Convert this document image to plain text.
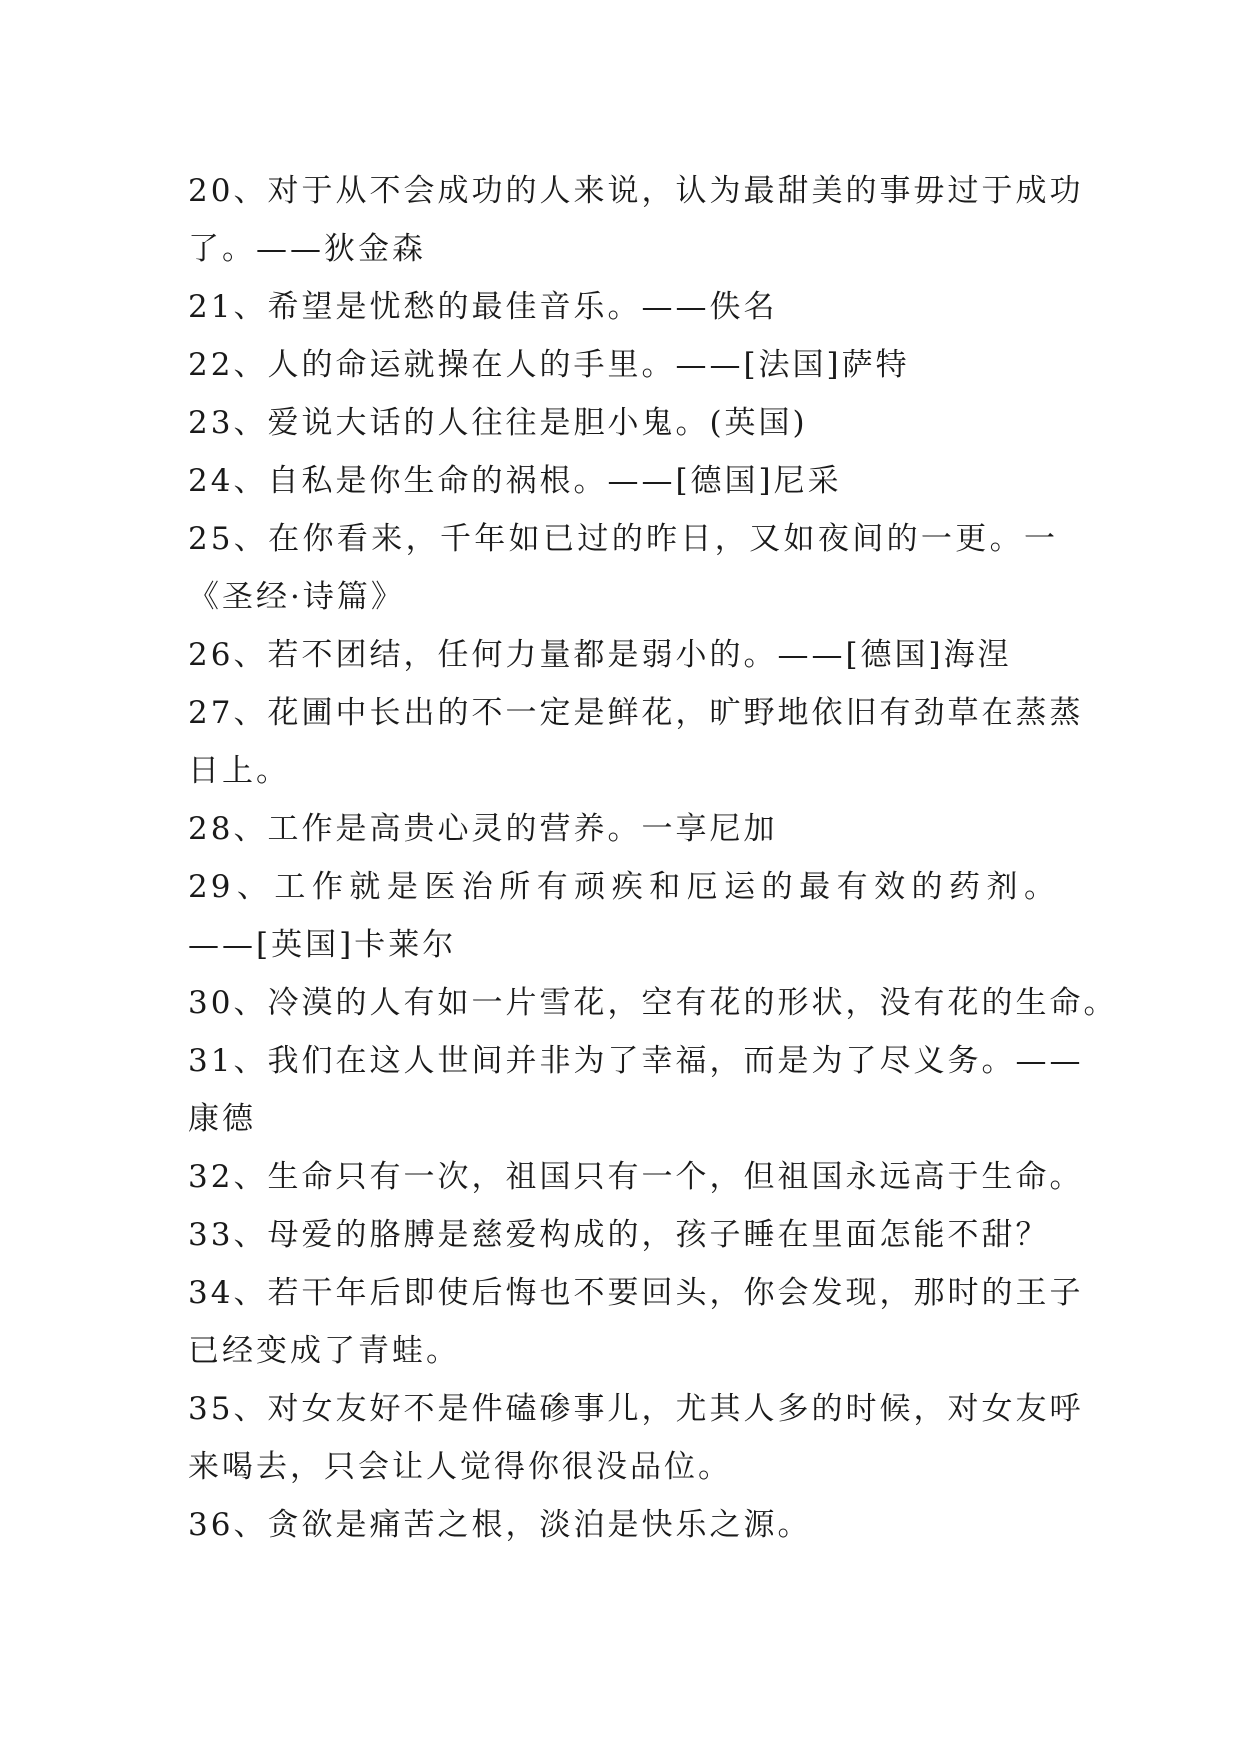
20、对于从不会成功的人来说，认为最甜美的事毋过于成功
了。——狄金森
21、希望是忧愁的最佳音乐。——佚名
22、人的命运就操在人的手里。——[法国]萨特
23、爱说大话的人往往是胆小鬼。(英国)
24、自私是你生命的祸根。——[德国]尼采
25、在你看来，千年如已过的昨日，又如夜间的一更。一
《圣经·诗篇》
26、若不团结，任何力量都是弱小的。——[德国]海涅
27、花圃中长出的不一定是鲜花，旷野地依旧有劲草在蒸蒸
日上。
28、工作是高贵心灵的营养。一享尼加
29、工作就是医治所有顽疾和厄运的最有效的药剂。
——[英国]卡莱尔
30、冷漠的人有如一片雪花，空有花的形状，没有花的生命。
31、我们在这人世间并非为了幸福，而是为了尽义务。——
康德
32、生命只有一次，祖国只有一个，但祖国永远高于生命。
33、母爱的胳膊是慈爱构成的，孩子睡在里面怎能不甜？
34、若干年后即使后悔也不要回头，你会发现，那时的王子
已经变成了青蛙。
35、对女友好不是件磕碜事儿，尤其人多的时候，对女友呼
来喝去，只会让人觉得你很没品位。
36、贪欲是痛苦之根，淡泊是快乐之源。
